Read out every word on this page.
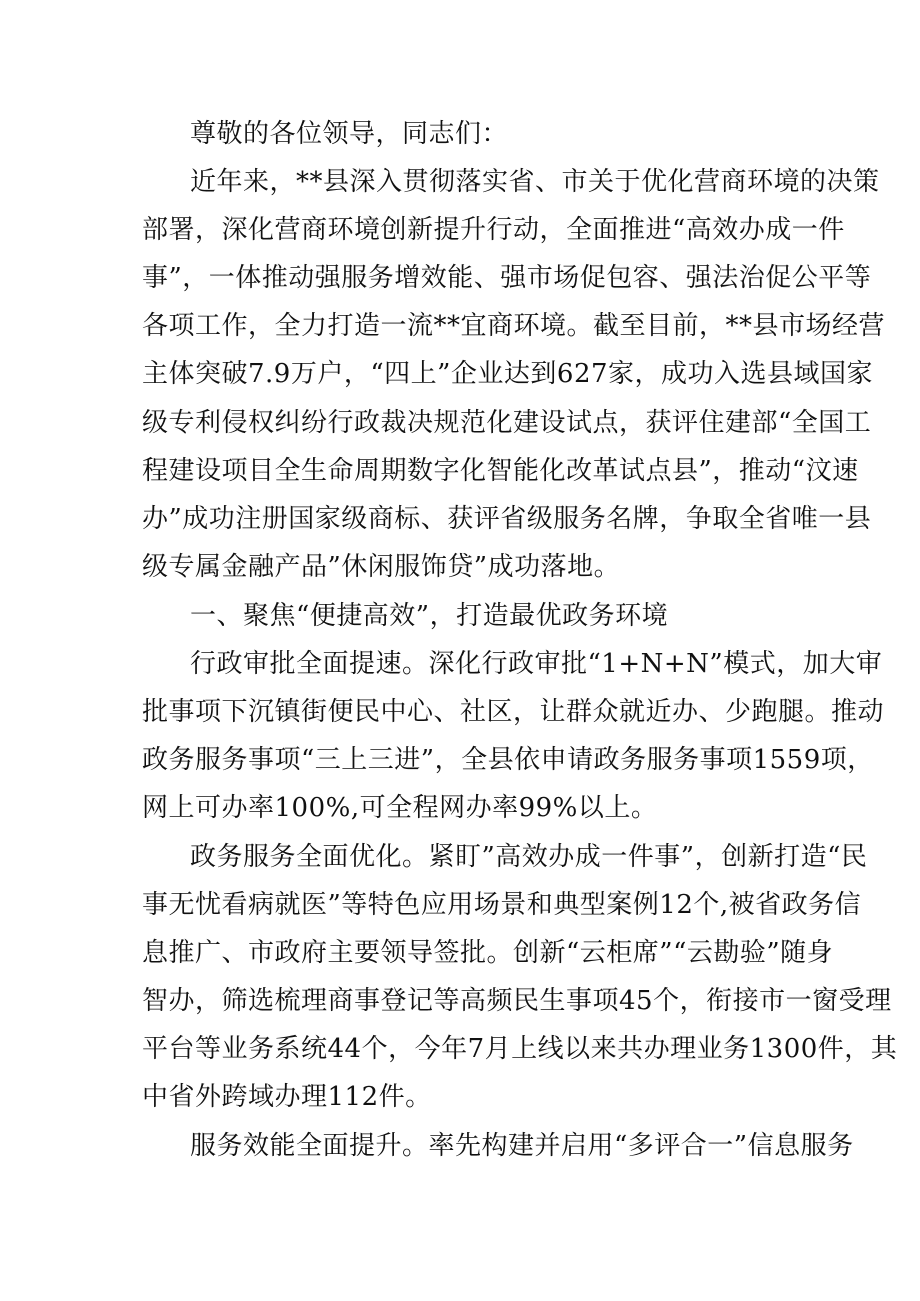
尊敬的各位领导，同志们：
近年来，**县深入贯彻落实省、市关于优化营商环境的决策
部署，深化营商环境创新提升行动，全面推进“高效办成一件
事”，一体推动强服务增效能、强市场促包容、强法治促公平等
各项工作，全力打造一流**宜商环境。截至目前，**县市场经营
主体突破7.9万户，“四上”企业达到627家，成功入选县域国家
级专利侵权纠纷行政裁决规范化建设试点，获评住建部“全国工
程建设项目全生命周期数字化智能化改革试点县”，推动“汶速
办”成功注册国家级商标、获评省级服务名牌，争取全省唯一县
级专属金融产品”休闲服饰贷”成功落地。
一、聚焦“便捷高效”，打造最优政务环境
行政审批全面提速。深化行政审批“1+N+N”模式，加大审
批事项下沉镇街便民中心、社区，让群众就近办、少跑腿。推动
政务服务事项“三上三进”，全县依申请政务服务事项1559项，
网上可办率100%,可全程网办率99%以上。
政务服务全面优化。紧盯”高效办成一件事”，创新打造“民
事无忧看病就医”等特色应用场景和典型案例12个,被省政务信
息推广、市政府主要领导签批。创新“云柜席”“云勘验”随身
智办，筛选梳理商事登记等高频民生事项45个，衔接市一窗受理
平台等业务系统44个，今年7月上线以来共办理业务1300件，其
中省外跨域办理112件。
服务效能全面提升。率先构建并启用“多评合一”信息服务
